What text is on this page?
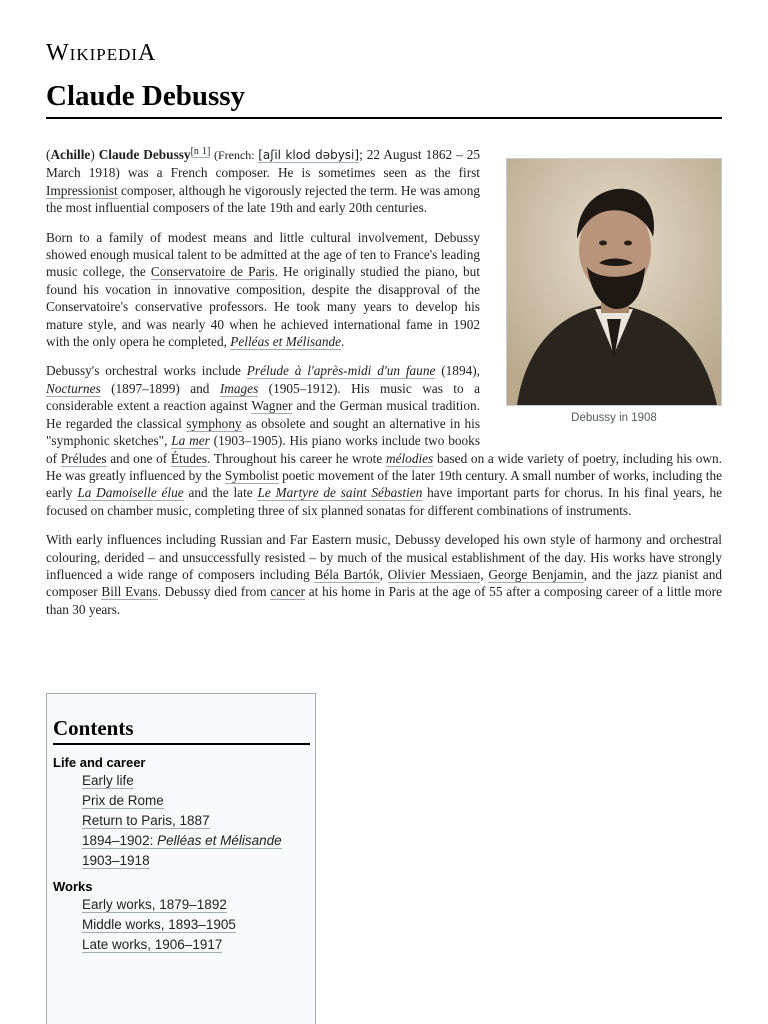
WIKIPEDIA
Claude Debussy
Debussy in 1908

(Achille) Claude Debussy[n 1] (French: [aʃil klod dəbysi]; 22 August 1862 – 25 March 1918) was a French composer. He is sometimes seen as the first Impressionist composer, although he vigorously rejected the term. He was among the most influential composers of the late 19th and early 20th centuries.

Born to a family of modest means and little cultural involvement, Debussy showed enough musical talent to be admitted at the age of ten to France's leading music college, the Conservatoire de Paris. He originally studied the piano, but found his vocation in innovative composition, despite the disapproval of the Conservatoire's conservative professors. He took many years to develop his mature style, and was nearly 40 when he achieved international fame in 1902 with the only opera he completed, Pelléas et Mélisande.

Debussy's orchestral works include Prélude à l'après-midi d'un faune (1894), Nocturnes (1897–1899) and Images (1905–1912). His music was to a considerable extent a reaction against Wagner and the German musical tradition. He regarded the classical symphony as obsolete and sought an alternative in his "symphonic sketches", La mer (1903–1905). His piano works include two books of Préludes and one of Études. Throughout his career he wrote mélodies based on a wide variety of poetry, including his own. He was greatly influenced by the Symbolist poetic movement of the later 19th century. A small number of works, including the early La Damoiselle élue and the late Le Martyre de saint Sébastien have important parts for chorus. In his final years, he focused on chamber music, completing three of six planned sonatas for different combinations of instruments.

With early influences including Russian and Far Eastern music, Debussy developed his own style of harmony and orchestral colouring, derided – and unsuccessfully resisted – by much of the musical establishment of the day. His works have strongly influenced a wide range of composers including Béla Bartók, Olivier Messiaen, George Benjamin, and the jazz pianist and composer Bill Evans. Debussy died from cancer at his home in Paris at the age of 55 after a composing career of a little more than 30 years.

Contents
Life and career
Early life
Prix de Rome
Return to Paris, 1887
1894–1902: Pelléas et Mélisande
1903–1918
Works
Early works, 1879–1892
Middle works, 1893–1905
Late works, 1906–1917
